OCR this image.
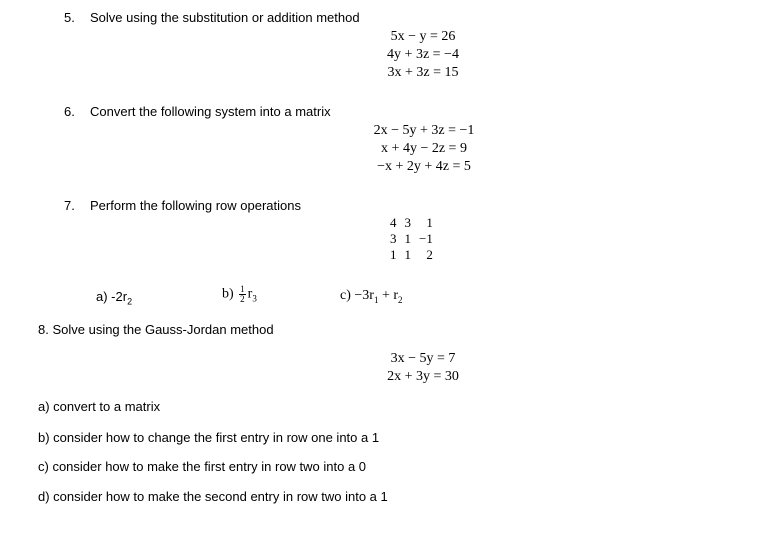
5. Solve using the substitution or addition method
5x − y = 26
4y + 3z = −4
3x + 3z = 15
6. Convert the following system into a matrix
2x − 5y + 3z = −1
x + 4y − 2z = 9
−x + 2y + 4z = 5
7. Perform the following row operations
4	3	1
3	1	−1
1	1	2
a) $-2r_2$	$b) \frac{1}{2} r_3$	$c) -3r_1 + r_2$
8. Solve using the Gauss-Jordan method
3x − 5y = 7
2x + 3y = 30
a) convert to a matrix
b) consider how to change the first entry in row one into a 1
c) consider how to make the first entry in row two into a 0
d) consider how to make the second entry in row two into a 1
